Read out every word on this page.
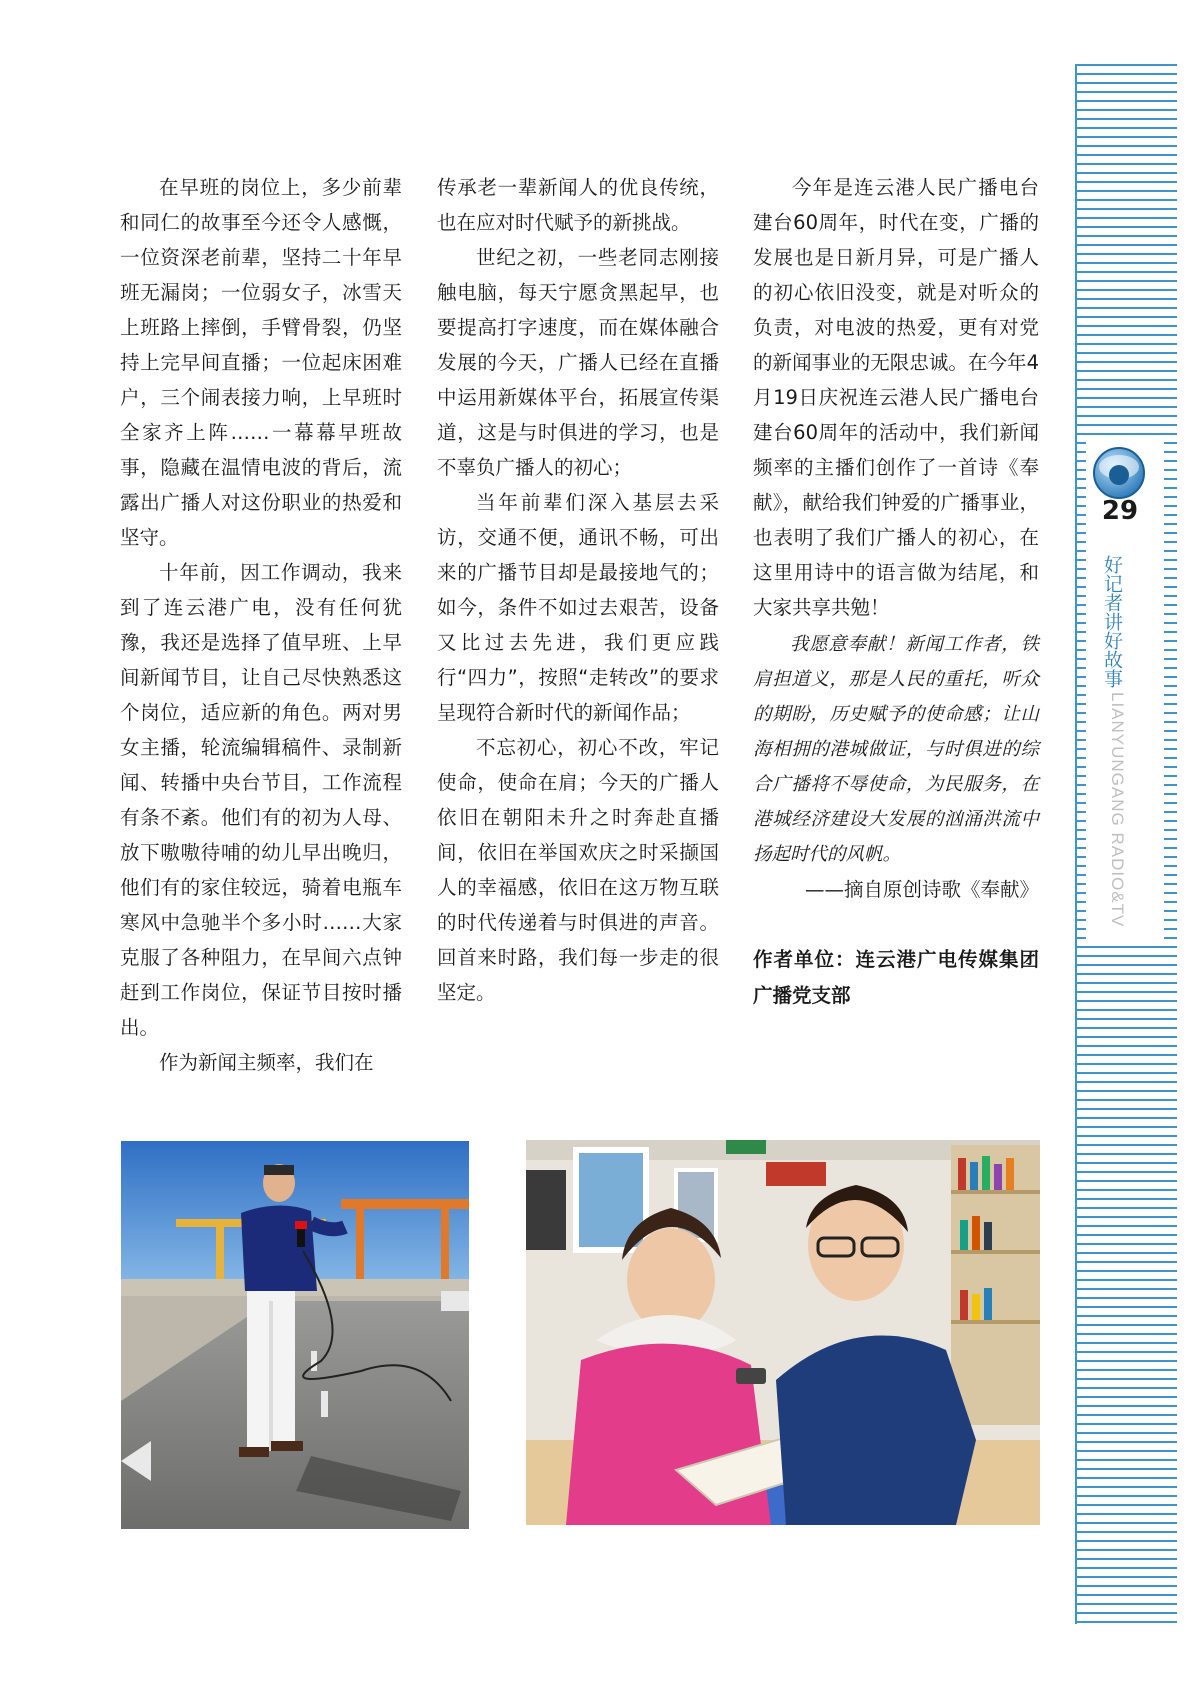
在早班的岗位上，多少前辈和同仁的故事至今还令人感慨，一位资深老前辈，坚持二十年早班无漏岗；一位弱女子，冰雪天上班路上摔倒，手臂骨裂，仍坚持上完早间直播；一位起床困难户，三个闹表接力响，上早班时全家齐上阵……一幕幕早班故事，隐藏在温情电波的背后，流露出广播人对这份职业的热爱和坚守。

十年前，因工作调动，我来到了连云港广电，没有任何犹豫，我还是选择了值早班、上早间新闻节目，让自己尽快熟悉这个岗位，适应新的角色。两对男女主播，轮流编辑稿件、录制新闻、转播中央台节目，工作流程有条不紊。他们有的初为人母、放下嗷嗷待哺的幼儿早出晚归，他们有的家住较远，骑着电瓶车寒风中急驰半个多小时……大家克服了各种阻力，在早间六点钟赶到工作岗位，保证节目按时播出。

作为新闻主频率，我们在

传承老一辈新闻人的优良传统，也在应对时代赋予的新挑战。

世纪之初，一些老同志刚接触电脑，每天宁愿贪黑起早，也要提高打字速度，而在媒体融合发展的今天，广播人已经在直播中运用新媒体平台，拓展宣传渠道，这是与时俱进的学习，也是不辜负广播人的初心；

当年前辈们深入基层去采访，交通不便，通讯不畅，可出来的广播节目却是最接地气的；如今，条件不如过去艰苦，设备又比过去先进，我们更应践行“四力”，按照“走转改”的要求呈现符合新时代的新闻作品；

不忘初心，初心不改，牢记使命，使命在肩；今天的广播人依旧在朝阳未升之时奔赴直播间，依旧在举国欢庆之时采撷国人的幸福感，依旧在这万物互联的时代传递着与时俱进的声音。回首来时路，我们每一步走的很坚定。

今年是连云港人民广播电台建台60周年，时代在变，广播的发展也是日新月异，可是广播人的初心依旧没变，就是对听众的负责，对电波的热爱，更有对党的新闻事业的无限忠诚。在今年4月19日庆祝连云港人民广播电台建台60周年的活动中，我们新闻频率的主播们创作了一首诗《奉献》，献给我们钟爱的广播事业，也表明了我们广播人的初心，在这里用诗中的语言做为结尾，和大家共享共勉！

我愿意奉献！新闻工作者，铁肩担道义，那是人民的重托，听众的期盼，历史赋予的使命感；让山海相拥的港城做证，与时俱进的综合广播将不辱使命，为民服务，在港城经济建设大发展的汹涌洪流中扬起时代的风帆。

——摘自原创诗歌《奉献》

作者单位：连云港广电传媒集团广播党支部

29
好记者讲好故事
LIANYUNGANG RADIO&TV
